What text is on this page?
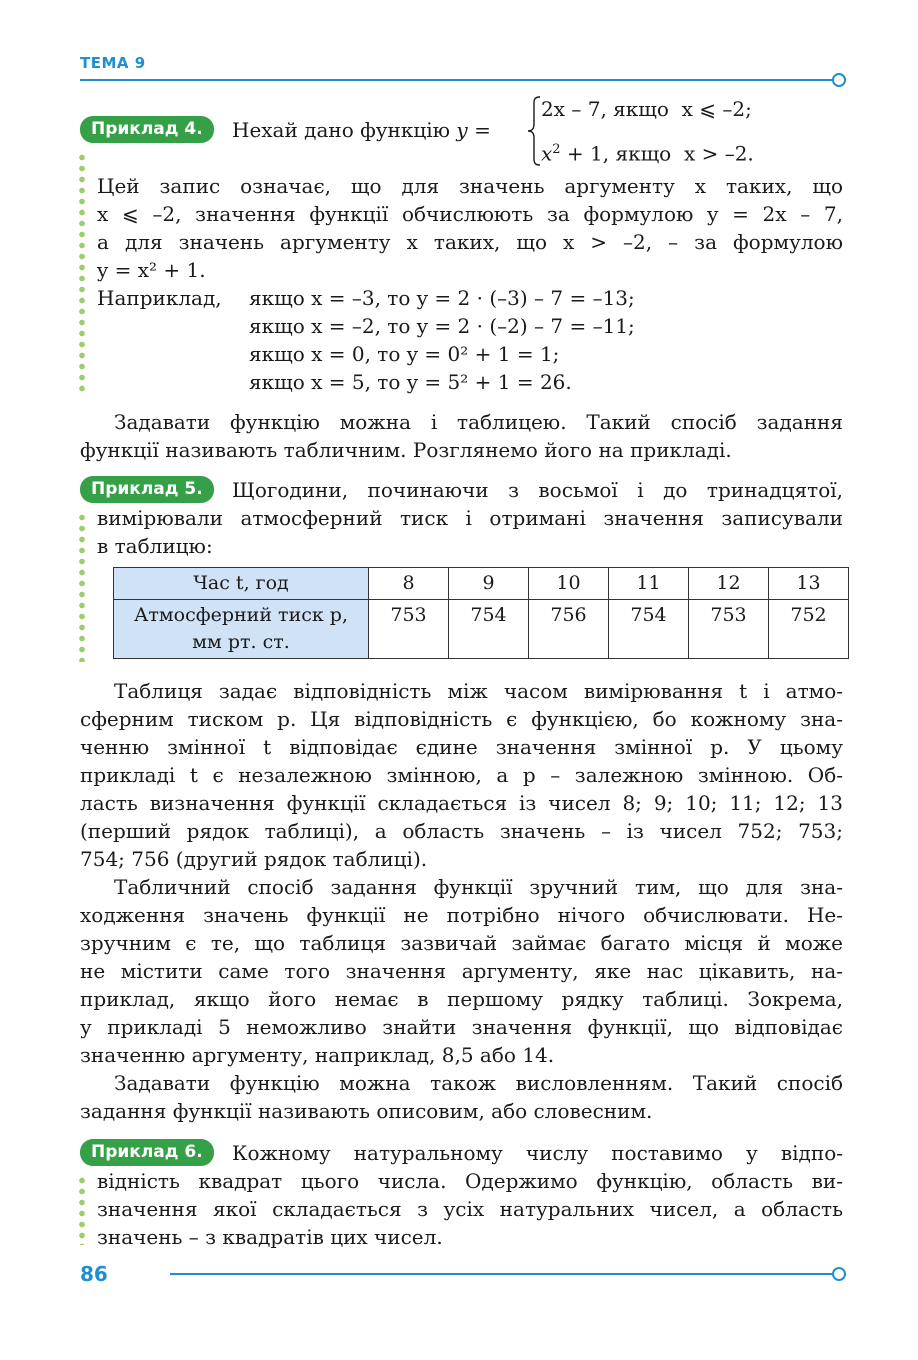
ТЕМА 9
Приклад 4.	Нехай дано функцію y =
2x – 7, якщо  x ⩽ –2;
$x^2 + 1$, якщо  x > –2.
Цей запис означає, що для значень аргументу x таких, що
x ⩽ –2, значення функції обчислюють за формулою y = 2x – 7,
а для значень аргументу x таких, що x > –2, – за формулою
y = x² + 1.
Наприклад, якщо x = –3, то y = 2 · (–3) – 7 = –13;
якщо x = –2, то y = 2 · (–2) – 7 = –11;
якщо x = 0, то y = 0² + 1 = 1;
якщо x = 5, то y = 5² + 1 = 26.
Задавати функцію можна і таблицею. Такий спосіб задання
функції називають табличним. Розглянемо його на прикладі.
Приклад 5.	Щогодини, починаючи з восьмої і до тринадцятої,
вимірювали атмосферний тиск і отримані значення записували
в таблицю:
Час t, год	8	9	10	11	12	13
Атмосферний тиск p,
мм рт. ст.	753	754	756	754	753	752
Таблиця задає відповідність між часом вимірювання t і атмо-
сферним тиском p. Ця відповідність є функцією, бо кожному зна-
ченню змінної t відповідає єдине значення змінної p. У цьому
прикладі t є незалежною змінною, а p – залежною змінною. Об-
ласть визначення функції складається із чисел 8; 9; 10; 11; 12; 13
(перший рядок таблиці), а область значень – із чисел 752; 753;
754; 756 (другий рядок таблиці).
Табличний спосіб задання функції зручний тим, що для зна-
ходження значень функції не потрібно нічого обчислювати. Не-
зручним є те, що таблиця зазвичай займає багато місця й може
не містити саме того значення аргументу, яке нас цікавить, на-
приклад, якщо його немає в першому рядку таблиці. Зокрема,
у прикладі 5 неможливо знайти значення функції, що відповідає
значенню аргументу, наприклад, 8,5 або 14.
Задавати функцію можна також висловленням. Такий спосіб
задання функції називають описовим, або словесним.
Приклад 6.	Кожному натуральному числу поставимо у відпо-
відність квадрат цього числа. Одержимо функцію, область ви-
значення якої складається з усіх натуральних чисел, а область
значень – з квадратів цих чисел.
86
